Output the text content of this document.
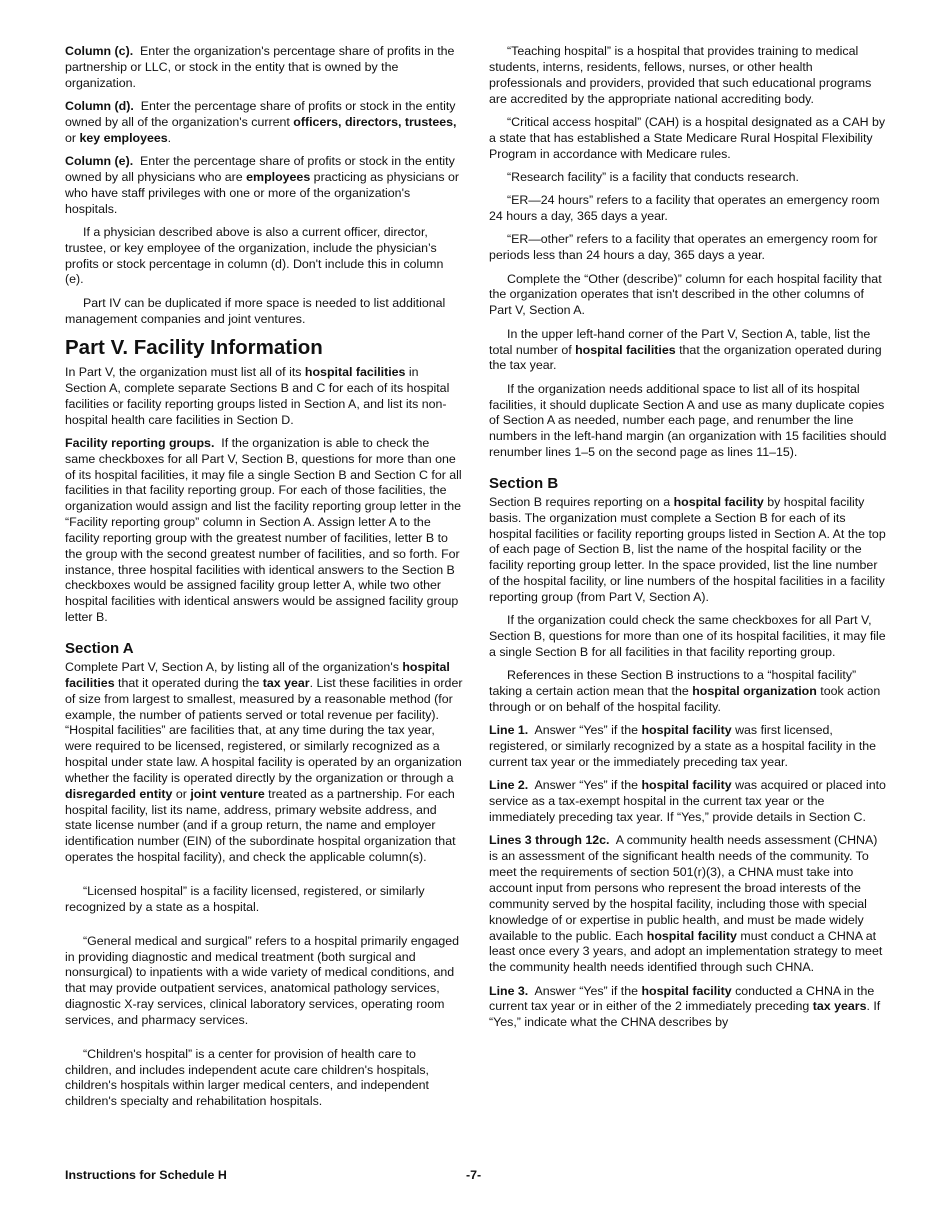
Column (c). Enter the organization's percentage share of profits in the partnership or LLC, or stock in the entity that is owned by the organization.

Column (d). Enter the percentage share of profits or stock in the entity owned by all of the organization's current officers, directors, trustees, or key employees.

Column (e). Enter the percentage share of profits or stock in the entity owned by all physicians who are employees practicing as physicians or who have staff privileges with one or more of the organization's hospitals.

If a physician described above is also a current officer, director, trustee, or key employee of the organization, include the physician’s profits or stock percentage in column (d). Don't include this in column (e).

Part IV can be duplicated if more space is needed to list additional management companies and joint ventures.

Part V. Facility Information

In Part V, the organization must list all of its hospital facilities in Section A, complete separate Sections B and C for each of its hospital facilities or facility reporting groups listed in Section A, and list its non-hospital health care facilities in Section D.

Facility reporting groups. If the organization is able to check the same checkboxes for all Part V, Section B, questions for more than one of its hospital facilities, it may file a single Section B and Section C for all facilities in that facility reporting group. For each of those facilities, the organization would assign and list the facility reporting group letter in the “Facility reporting group” column in Section A. Assign letter A to the facility reporting group with the greatest number of facilities, letter B to the group with the second greatest number of facilities, and so forth. For instance, three hospital facilities with identical answers to the Section B checkboxes would be assigned facility group letter A, while two other hospital facilities with identical answers would be assigned facility group letter B.

Section A

Complete Part V, Section A, by listing all of the organization's hospital facilities that it operated during the tax year. List these facilities in order of size from largest to smallest, measured by a reasonable method (for example, the number of patients served or total revenue per facility). “Hospital facilities” are facilities that, at any time during the tax year, were required to be licensed, registered, or similarly recognized as a hospital under state law. A hospital facility is operated by an organization whether the facility is operated directly by the organization or through a disregarded entity or joint venture treated as a partnership. For each hospital facility, list its name, address, primary website address, and state license number (and if a group return, the name and employer identification number (EIN) of the subordinate hospital organization that operates the hospital facility), and check the applicable column(s).

“Licensed hospital” is a facility licensed, registered, or similarly recognized by a state as a hospital.

“General medical and surgical” refers to a hospital primarily engaged in providing diagnostic and medical treatment (both surgical and nonsurgical) to inpatients with a wide variety of medical conditions, and that may provide outpatient services, anatomical pathology services, diagnostic X-ray services, clinical laboratory services, operating room services, and pharmacy services.

“Children's hospital” is a center for provision of health care to children, and includes independent acute care children's hospitals, children's hospitals within larger medical centers, and independent children's specialty and rehabilitation hospitals.

“Teaching hospital” is a hospital that provides training to medical students, interns, residents, fellows, nurses, or other health professionals and providers, provided that such educational programs are accredited by the appropriate national accrediting body.

“Critical access hospital” (CAH) is a hospital designated as a CAH by a state that has established a State Medicare Rural Hospital Flexibility Program in accordance with Medicare rules.

“Research facility” is a facility that conducts research.

“ER—24 hours” refers to a facility that operates an emergency room 24 hours a day, 365 days a year.

“ER—other” refers to a facility that operates an emergency room for periods less than 24 hours a day, 365 days a year.

Complete the “Other (describe)” column for each hospital facility that the organization operates that isn't described in the other columns of Part V, Section A.

In the upper left-hand corner of the Part V, Section A, table, list the total number of hospital facilities that the organization operated during the tax year.

If the organization needs additional space to list all of its hospital facilities, it should duplicate Section A and use as many duplicate copies of Section A as needed, number each page, and renumber the line numbers in the left-hand margin (an organization with 15 facilities should renumber lines 1–5 on the second page as lines 11–15).

Section B

Section B requires reporting on a hospital facility by hospital facility basis. The organization must complete a Section B for each of its hospital facilities or facility reporting groups listed in Section A. At the top of each page of Section B, list the name of the hospital facility or the facility reporting group letter. In the space provided, list the line number of the hospital facility, or line numbers of the hospital facilities in a facility reporting group (from Part V, Section A).

If the organization could check the same checkboxes for all Part V, Section B, questions for more than one of its hospital facilities, it may file a single Section B for all facilities in that facility reporting group.

References in these Section B instructions to a “hospital facility” taking a certain action mean that the hospital organization took action through or on behalf of the hospital facility.

Line 1. Answer “Yes” if the hospital facility was first licensed, registered, or similarly recognized by a state as a hospital facility in the current tax year or the immediately preceding tax year.

Line 2. Answer “Yes” if the hospital facility was acquired or placed into service as a tax-exempt hospital in the current tax year or the immediately preceding tax year. If “Yes,” provide details in Section C.

Lines 3 through 12c. A community health needs assessment (CHNA) is an assessment of the significant health needs of the community. To meet the requirements of section 501(r)(3), a CHNA must take into account input from persons who represent the broad interests of the community served by the hospital facility, including those with special knowledge of or expertise in public health, and must be made widely available to the public. Each hospital facility must conduct a CHNA at least once every 3 years, and adopt an implementation strategy to meet the community health needs identified through such CHNA.

Line 3. Answer “Yes” if the hospital facility conducted a CHNA in the current tax year or in either of the 2 immediately preceding tax years. If “Yes,” indicate what the CHNA describes by

Instructions for Schedule H	-7-
